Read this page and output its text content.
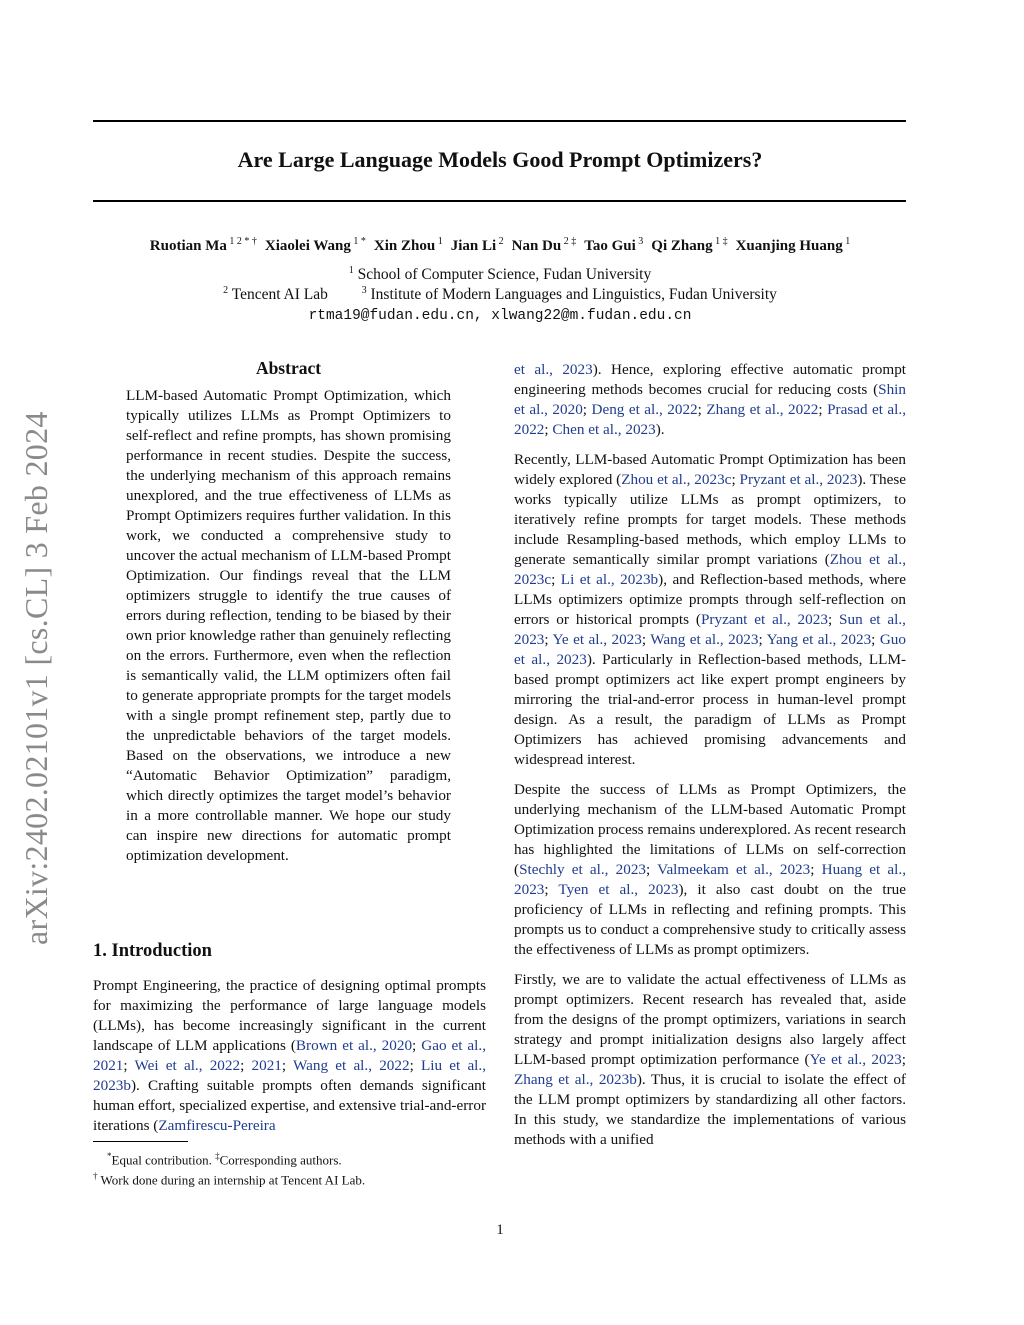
Are Large Language Models Good Prompt Optimizers?
Ruotian Ma $^{1 2 * \dagger}$ Xiaolei Wang $^{1 *}$ Xin Zhou $^1$ Jian Li $^2$ Nan Du $^{2 \ddagger}$ Tao Gui $^3$ Qi Zhang $^{1 \ddagger}$ Xuanjing Huang $^1$
$^1$ School of Computer Science, Fudan University
$^2$ Tencent AI Lab	$^3$ Institute of Modern Languages and Linguistics, Fudan University
rtma19@fudan.edu.cn, xlwang22@m.fudan.edu.cn
arXiv:2402.02101v1 [cs.CL] 3 Feb 2024
Abstract

LLM-based Automatic Prompt Optimization, which typically utilizes LLMs as Prompt Optimizers to self-reflect and refine prompts, has shown promising performance in recent studies. Despite the success, the underlying mechanism of this approach remains unexplored, and the true effectiveness of LLMs as Prompt Optimizers requires further validation. In this work, we conducted a comprehensive study to uncover the actual mechanism of LLM-based Prompt Optimization. Our findings reveal that the LLM optimizers struggle to identify the true causes of errors during reflection, tending to be biased by their own prior knowledge rather than genuinely reflecting on the errors. Furthermore, even when the reflection is semantically valid, the LLM optimizers often fail to generate appropriate prompts for the target models with a single prompt refinement step, partly due to the unpredictable behaviors of the target models. Based on the observations, we introduce a new “Automatic Behavior Optimization” paradigm, which directly optimizes the target model’s behavior in a more controllable manner. We hope our study can inspire new directions for automatic prompt optimization development.

1. Introduction

Prompt Engineering, the practice of designing optimal prompts for maximizing the performance of large language models (LLMs), has become increasingly significant in the current landscape of LLM applications (Brown et al., 2020; Gao et al., 2021; Wei et al., 2022; 2021; Wang et al., 2022; Liu et al., 2023b). Crafting suitable prompts often demands significant human effort, specialized expertise, and extensive trial-and-error iterations (Zamfirescu-Pereira

*Equal contribution. ‡Corresponding authors.
† Work done during an internship at Tencent AI Lab.

et al., 2023). Hence, exploring effective automatic prompt engineering methods becomes crucial for reducing costs (Shin et al., 2020; Deng et al., 2022; Zhang et al., 2022; Prasad et al., 2022; Chen et al., 2023).

Recently, LLM-based Automatic Prompt Optimization has been widely explored (Zhou et al., 2023c; Pryzant et al., 2023). These works typically utilize LLMs as prompt optimizers, to iteratively refine prompts for target models. These methods include Resampling-based methods, which employ LLMs to generate semantically similar prompt variations (Zhou et al., 2023c; Li et al., 2023b), and Reflection-based methods, where LLMs optimizers optimize prompts through self-reflection on errors or historical prompts (Pryzant et al., 2023; Sun et al., 2023; Ye et al., 2023; Wang et al., 2023; Yang et al., 2023; Guo et al., 2023). Particularly in Reflection-based methods, LLM-based prompt optimizers act like expert prompt engineers by mirroring the trial-and-error process in human-level prompt design. As a result, the paradigm of LLMs as Prompt Optimizers has achieved promising advancements and widespread interest.

Despite the success of LLMs as Prompt Optimizers, the underlying mechanism of the LLM-based Automatic Prompt Optimization process remains underexplored. As recent research has highlighted the limitations of LLMs on self-correction (Stechly et al., 2023; Valmeekam et al., 2023; Huang et al., 2023; Tyen et al., 2023), it also cast doubt on the true proficiency of LLMs in reflecting and refining prompts. This prompts us to conduct a comprehensive study to critically assess the effectiveness of LLMs as prompt optimizers.

Firstly, we are to validate the actual effectiveness of LLMs as prompt optimizers. Recent research has revealed that, aside from the designs of the prompt optimizers, variations in search strategy and prompt initialization designs also largely affect LLM-based prompt optimization performance (Ye et al., 2023; Zhang et al., 2023b). Thus, it is crucial to isolate the effect of the LLM prompt optimizers by standardizing all other factors. In this study, we standardize the implementations of various methods with a unified

1
